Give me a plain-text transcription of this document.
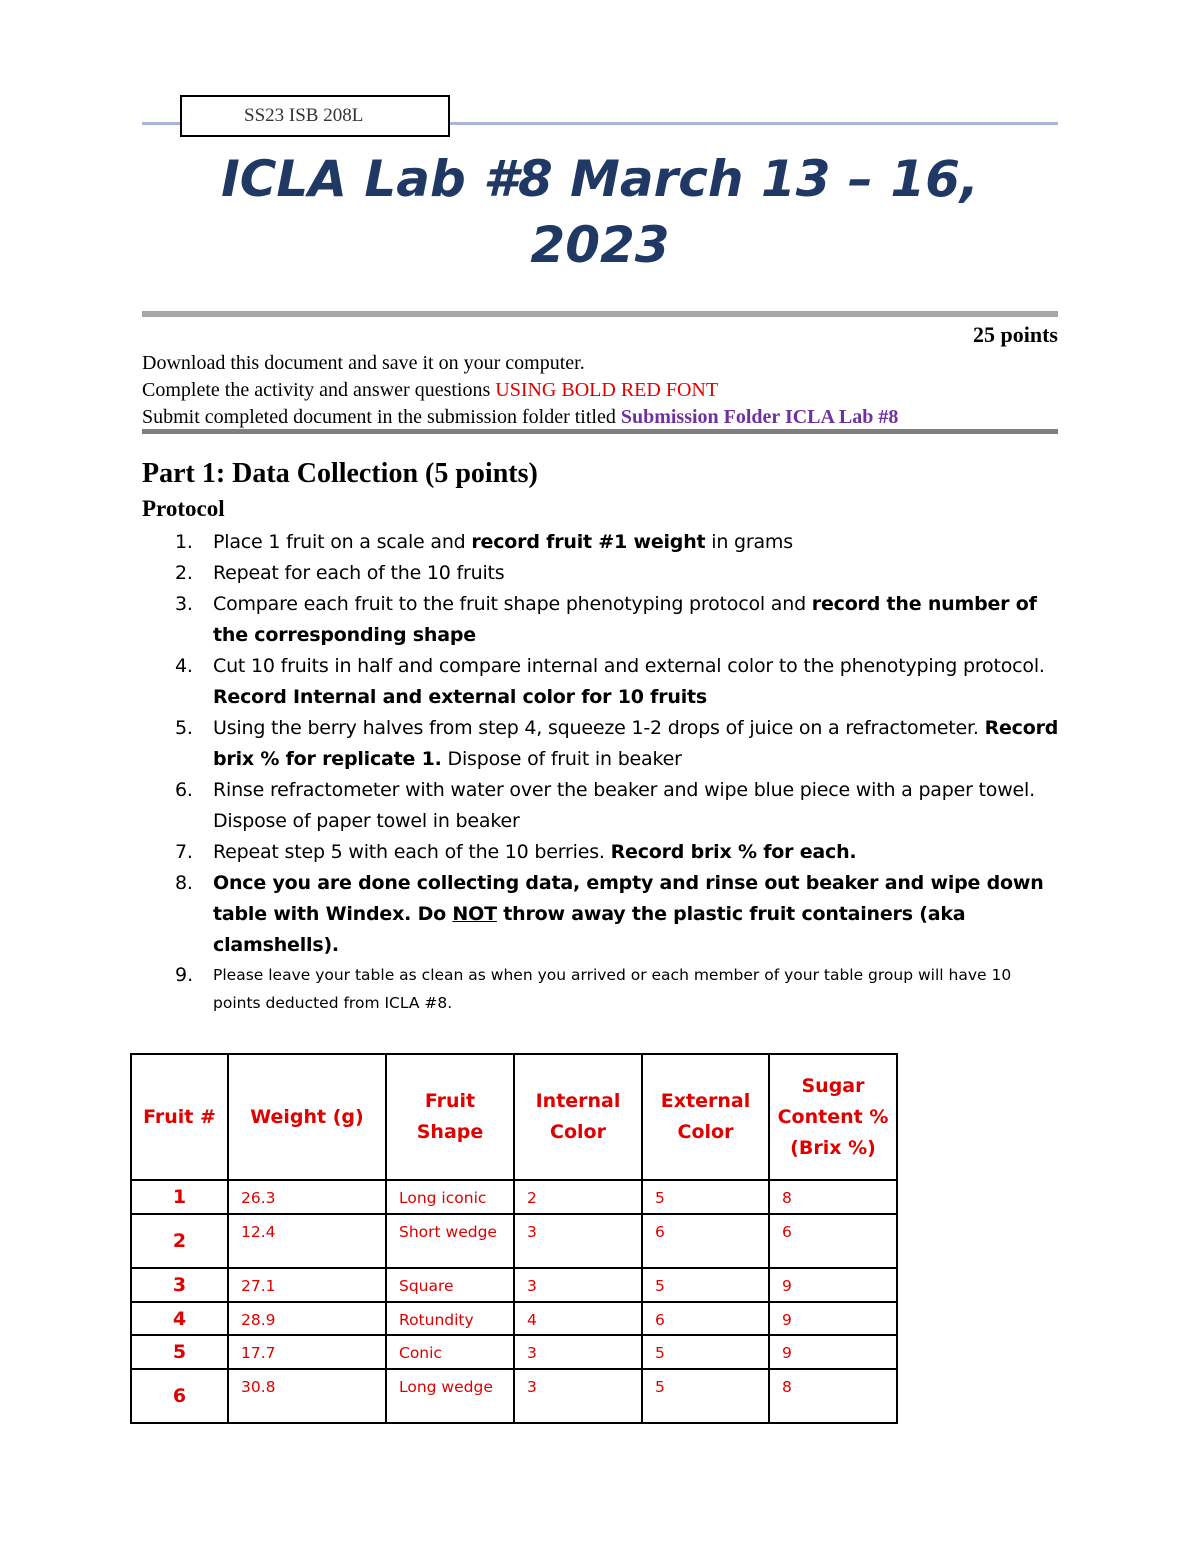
SS23 ISB 208L
ICLA Lab #8 March 13 – 16,
2023
25 points
Download this document and save it on your computer.
Complete the activity and answer questions USING BOLD RED FONT
Submit completed document in the submission folder titled Submission Folder ICLA Lab #8
Part 1: Data Collection (5 points)
Protocol
1. Place 1 fruit on a scale and record fruit #1 weight in grams
2. Repeat for each of the 10 fruits
3. Compare each fruit to the fruit shape phenotyping protocol and record the number of the corresponding shape
4. Cut 10 fruits in half and compare internal and external color to the phenotyping protocol. Record Internal and external color for 10 fruits
5. Using the berry halves from step 4, squeeze 1-2 drops of juice on a refractometer. Record brix % for replicate 1. Dispose of fruit in beaker
6. Rinse refractometer with water over the beaker and wipe blue piece with a paper towel. Dispose of paper towel in beaker
7. Repeat step 5 with each of the 10 berries. Record brix % for each.
8. Once you are done collecting data, empty and rinse out beaker and wipe down table with Windex. Do NOT throw away the plastic fruit containers (aka clamshells).
9. Please leave your table as clean as when you arrived or each member of your table group will have 10 points deducted from ICLA #8.
Fruit #	Weight (g)	Fruit Shape	Internal Color	External Color	Sugar Content % (Brix %)
1	26.3	Long iconic	2	5	8
2	12.4	Short wedge	3	6	6
3	27.1	Square	3	5	9
4	28.9	Rotundity	4	6	9
5	17.7	Conic	3	5	9
6	30.8	Long wedge	3	5	8
